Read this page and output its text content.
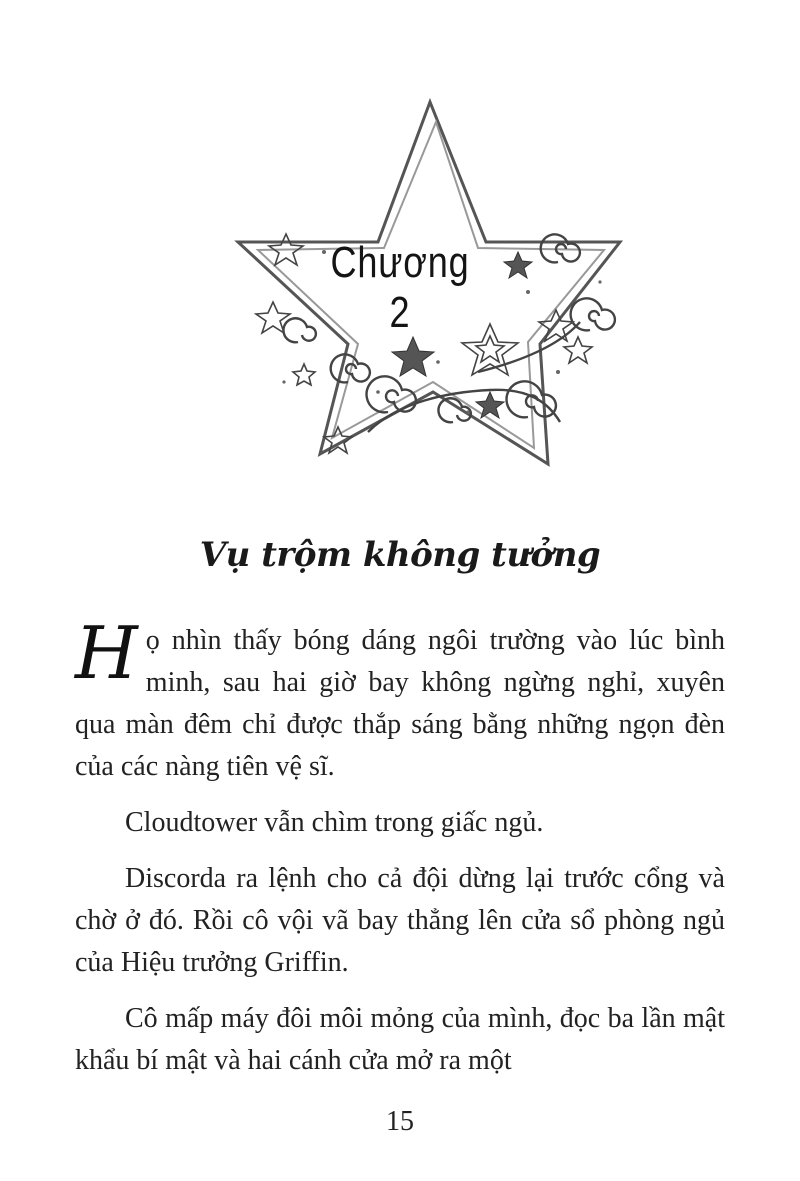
Chương 2
Vụ trộm không tưởng

Họ nhìn thấy bóng dáng ngôi trường vào lúc bình minh, sau hai giờ bay không ngừng nghỉ, xuyên qua màn đêm chỉ được thắp sáng bằng những ngọn đèn của các nàng tiên vệ sĩ.

Cloudtower vẫn chìm trong giấc ngủ.

Discorda ra lệnh cho cả đội dừng lại trước cổng và chờ ở đó. Rồi cô vội vã bay thẳng lên cửa sổ phòng ngủ của Hiệu trưởng Griffin.

Cô mấp máy đôi môi mỏng của mình, đọc ba lần mật khẩu bí mật và hai cánh cửa mở ra một

15
